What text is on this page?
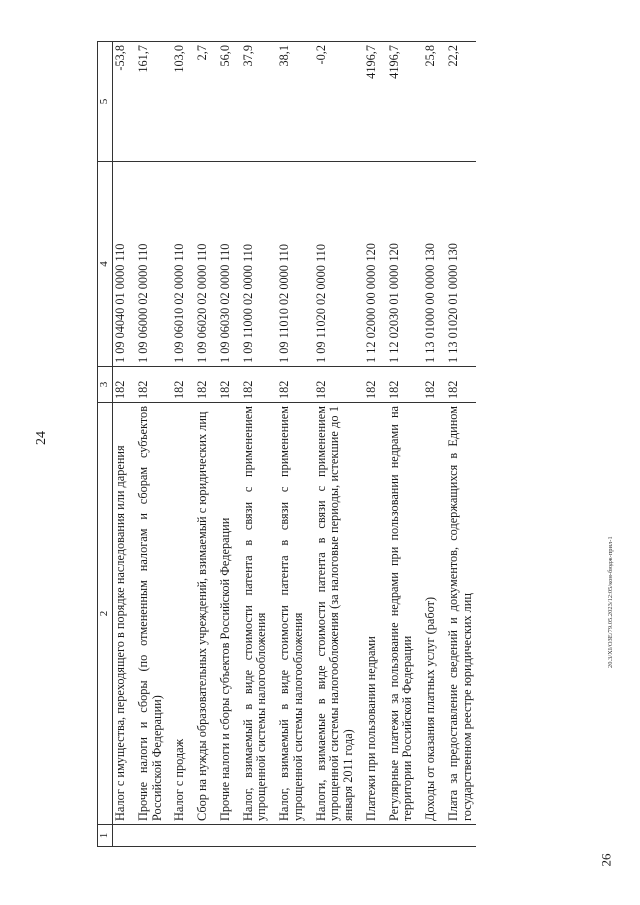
24
26
20.3/XI/OЗЕ/79.05.2023/12:05/кон-бюдж-прил-1
1	2	3	4	5
	Налог с имущества, переходящего в порядке наследования или дарения	182	1 09 04040 01 0000 110	-53,8
	Прочие налоги и сборы (по отмененным налогам и сборам субъектов Российской Федерации)	182	1 09 06000 02 0000 110	161,7
	Налог с продаж	182	1 09 06010 02 0000 110	103,0
	Сбор на нужды образовательных учреждений, взимаемый с юридических лиц	182	1 09 06020 02 0000 110	2,7
	Прочие налоги и сборы субъектов Российской Федерации	182	1 09 06030 02 0000 110	56,0
	Налог, взимаемый в виде стоимости патента в связи с применением упрощенной системы налогообложения	182	1 09 11000 02 0000 110	37,9
	Налог, взимаемый в виде стоимости патента в связи с применением упрощенной системы налогообложения	182	1 09 11010 02 0000 110	38,1
	Налоги, взимаемые в виде стоимости патента в связи с применением упрощенной системы налогообложения (за налоговые периоды, истекшие до 1 января 2011 года)	182	1 09 11020 02 0000 110	-0,2
	Платежи при пользовании недрами	182	1 12 02000 00 0000 120	4196,7
	Регулярные платежи за пользование недрами при пользовании недрами на территории Российской Федерации	182	1 12 02030 01 0000 120	4196,7
	Доходы от оказания платных услуг (работ)	182	1 13 01000 00 0000 130	25,8
	Плата за предоставление сведений и документов, содержащихся в Едином государственном реестре юридических лиц	182	1 13 01020 01 0000 130	22,2
